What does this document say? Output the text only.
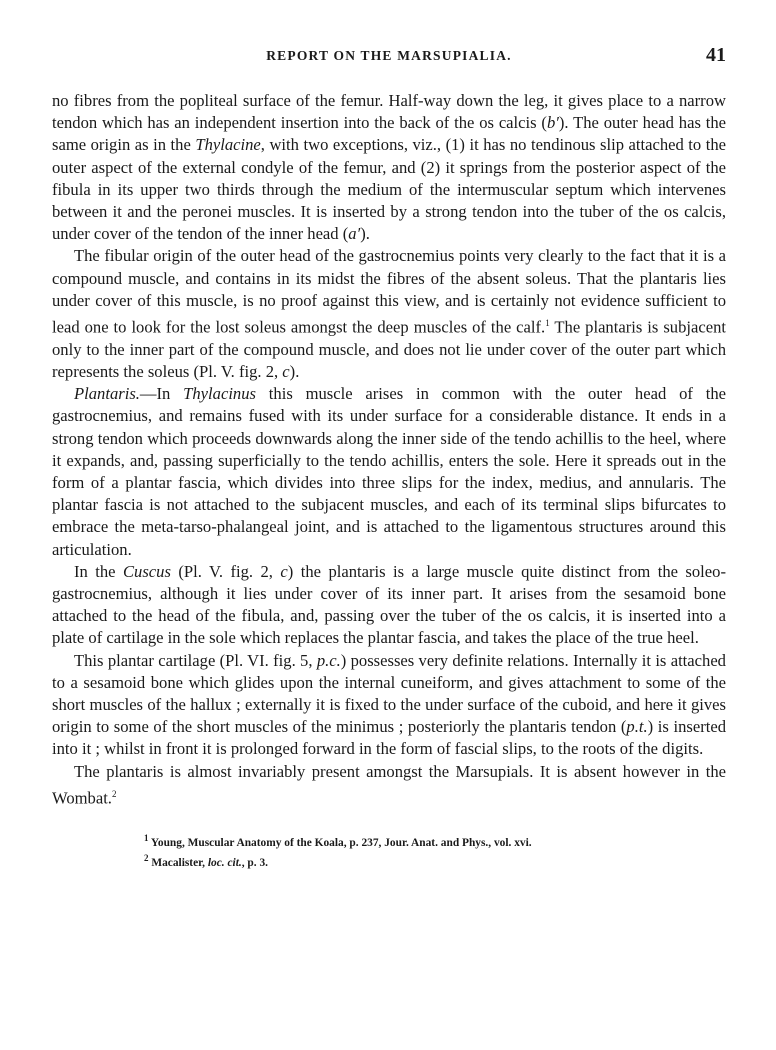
REPORT ON THE MARSUPIALIA.	41

no fibres from the popliteal surface of the femur. Half-way down the leg, it gives place to a narrow tendon which has an independent insertion into the back of the os calcis (b′). The outer head has the same origin as in the Thylacine, with two exceptions, viz., (1) it has no tendinous slip attached to the outer aspect of the external condyle of the femur, and (2) it springs from the posterior aspect of the fibula in its upper two thirds through the medium of the intermuscular septum which intervenes between it and the peronei muscles. It is inserted by a strong tendon into the tuber of the os calcis, under cover of the tendon of the inner head (a′).

The fibular origin of the outer head of the gastrocnemius points very clearly to the fact that it is a compound muscle, and contains in its midst the fibres of the absent soleus. That the plantaris lies under cover of this muscle, is no proof against this view, and is certainly not evidence sufficient to lead one to look for the lost soleus amongst the deep muscles of the calf.$^1$ The plantaris is subjacent only to the inner part of the compound muscle, and does not lie under cover of the outer part which represents the soleus (Pl. V. fig. 2, c).

Plantaris.—In Thylacinus this muscle arises in common with the outer head of the gastrocnemius, and remains fused with its under surface for a considerable distance. It ends in a strong tendon which proceeds downwards along the inner side of the tendo achillis to the heel, where it expands, and, passing superficially to the tendo achillis, enters the sole. Here it spreads out in the form of a plantar fascia, which divides into three slips for the index, medius, and annularis. The plantar fascia is not attached to the subjacent muscles, and each of its terminal slips bifurcates to embrace the meta-tarso-phalangeal joint, and is attached to the ligamentous structures around this articulation.

In the Cuscus (Pl. V. fig. 2, c) the plantaris is a large muscle quite distinct from the soleo-gastrocnemius, although it lies under cover of its inner part. It arises from the sesamoid bone attached to the head of the fibula, and, passing over the tuber of the os calcis, it is inserted into a plate of cartilage in the sole which replaces the plantar fascia, and takes the place of the true heel.

This plantar cartilage (Pl. VI. fig. 5, p.c.) possesses very definite relations. Internally it is attached to a sesamoid bone which glides upon the internal cuneiform, and gives attachment to some of the short muscles of the hallux ; externally it is fixed to the under surface of the cuboid, and here it gives origin to some of the short muscles of the minimus ; posteriorly the plantaris tendon (p.t.) is inserted into it ; whilst in front it is prolonged forward in the form of fascial slips, to the roots of the digits.

The plantaris is almost invariably present amongst the Marsupials. It is absent however in the Wombat.$^2$

$^1$ Young, Muscular Anatomy of the Koala, p. 237, Jour. Anat. and Phys., vol. xvi.
$^2$ Macalister, loc. cit., p. 3.
